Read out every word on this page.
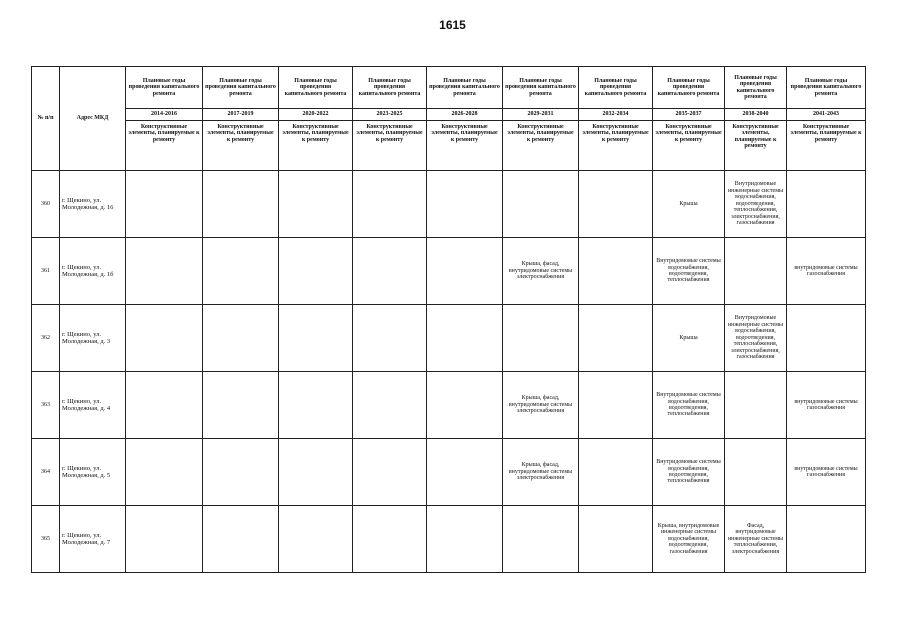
1615
№ п/п	Адрес МКД	Плановые годы проведения капитального ремонта	Плановые годы проведения капитального ремонта	Плановые годы проведения капитального ремонта	Плановые годы проведения капитального ремонта	Плановые годы проведения капитального ремонта	Плановые годы проведения капитального ремонта	Плановые годы проведения капитального ремонта	Плановые годы проведения капитального ремонта	Плановые годы проведения капитального ремонта	Плановые годы проведения капитального ремонта
		2014-2016	2017-2019	2020-2022	2023-2025	2026-2028	2029-2031	2032-2034	2035-2037	2038-2040	2041-2043

		Конструктивные элементы, планируемые к ремонту	Конструктивные элементы, планируемые к ремонту	Конструктивные элементы, планируемые к ремонту	Конструктивные элементы, планируемые к ремонту	Конструктивные элементы, планируемые к ремонту	Конструктивные элементы, планируемые к ремонту	Конструктивные элементы, планируемые к ремонту	Конструктивные элементы, планируемые к ремонту	Конструктивные элементы, планируемые к ремонту	Конструктивные элементы, планируемые к ремонту

360	г. Щекино, ул. Молодежная, д. 16								Крыша	Внутридомовые инженерные системы водоснабжения, водоотведения, теплоснабжения, электроснабжения, газоснабжения	
361	г. Щекино, ул. Молодежная, д. 1б						Крыша, фасад, внутридомовые системы электроснабжения		Внутридомовые системы водоснабжения, водоотведения, теплоснабжения		внутридомовые системы газоснабжения
362	г. Щекино, ул. Молодежная, д. 3								Крыша	Внутридомовые инженерные системы водоснабжения, водоотведения, теплоснабжения, электроснабжения, газоснабжения	
363	г. Щекино, ул. Молодежная, д. 4						Крыша, фасад, внутридомовые системы электроснабжения		Внутридомовые системы водоснабжения, водоотведения, теплоснабжения		внутридомовые системы газоснабжения
364	г. Щекино, ул. Молодежная, д. 5						Крыша, фасад, внутридомовые системы электроснабжения		Внутридомовые системы водоснабжения, водоотведения, теплоснабжения		внутридомовые системы газоснабжения
365	г. Щекино, ул. Молодежная, д. 7								Крыша, внутридомовые инженерные системы водоснабжения, водоотведения, газоснабжения	Фасад, внутридомовые инженерные системы теплоснабжения, электроснабжения	
